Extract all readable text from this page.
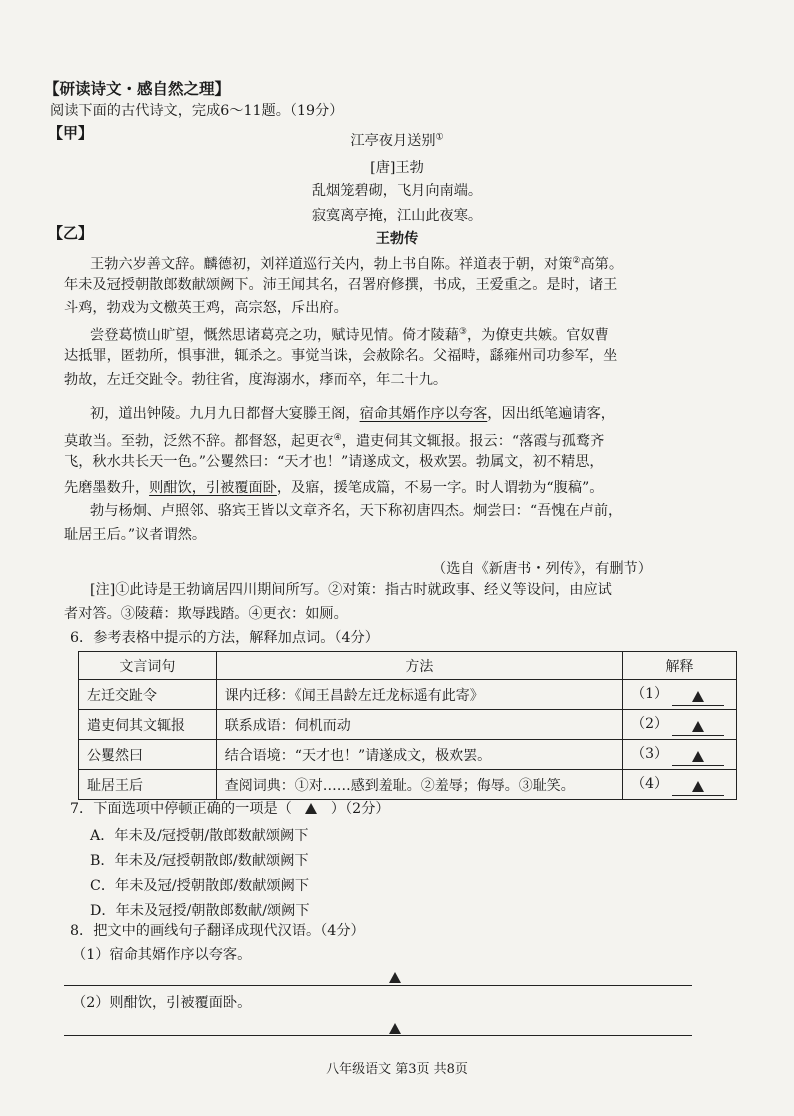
【研读诗文・感自然之理】
阅读下面的古代诗文，完成6～11题。（19分）
【甲】	江亭夜月送别①
[唐]王勃
乱烟笼碧砌，飞月向南端。
寂寞离亭掩，江山此夜寒。
【乙】	王勃传
王勃六岁善文辞。麟德初，刘祥道巡行关内，勃上书自陈。祥道表于朝，对策②高第。
年未及冠授朝散郎数献颂阙下。沛王闻其名，召署府修撰，书成，王爱重之。是时，诸王
斗鸡，勃戏为文檄英王鸡，高宗怒，斥出府。
尝登葛愤山旷望，慨然思诸葛亮之功，赋诗见情。倚才陵藉③，为僚吏共嫉。官奴曹
达抵罪，匿勃所，惧事泄，辄杀之。事觉当诛，会赦除名。父福畤，繇雍州司功参军，坐
勃故，左迁交趾令。勃往省，度海溺水，痵而卒，年二十九。
初，道出钟陵。九月九日都督大宴滕王阁，宿命其婿作序以夸客，因出纸笔遍请客，
莫敢当。至勃，泛然不辞。都督怒，起更衣④，遣吏伺其文辄报。报云：“落霞与孤鹜齐
飞，秋水共长天一色。”公矍然曰：“天才也！”请遂成文，极欢罢。勃属文，初不精思，
先磨墨数升，则酣饮，引被覆面卧，及寤，援笔成篇，不易一字。时人谓勃为“腹稿”。
勃与杨炯、卢照邻、骆宾王皆以文章齐名，天下称初唐四杰。炯尝曰：“吾愧在卢前，
耻居王后。”议者谓然。
（选自《新唐书・列传》，有删节）
[注]①此诗是王勃谪居四川期间所写。②对策：指古时就政事、经义等设问，由应试
者对答。③陵藉：欺辱践踏。④更衣：如厕。
6．参考表格中提示的方法，解释加点词。（4分）
文言词句	方法	解释
左迁交趾令	课内迁移：《闻王昌龄左迁龙标遥有此寄》	（1）
遣吏伺其文辄报	联系成语：伺机而动	（2）
公矍然曰	结合语境：“天才也！”请遂成文，极欢罢。	（3）
耻居王后	查阅词典：①对……感到羞耻。②羞辱；侮辱。③耻笑。	（4）
7．下面选项中停顿正确的一项是（	）（2分）
A．年未及/冠授朝/散郎数献颂阙下
B．年未及/冠授朝散郎/数献颂阙下
C．年未及冠/授朝散郎/数献颂阙下
D．年未及冠授/朝散郎数献/颂阙下
8．把文中的画线句子翻译成现代汉语。（4分）
（1）宿命其婿作序以夸客。
（2）则酣饮，引被覆面卧。
八年级语文 第3页 共8页
